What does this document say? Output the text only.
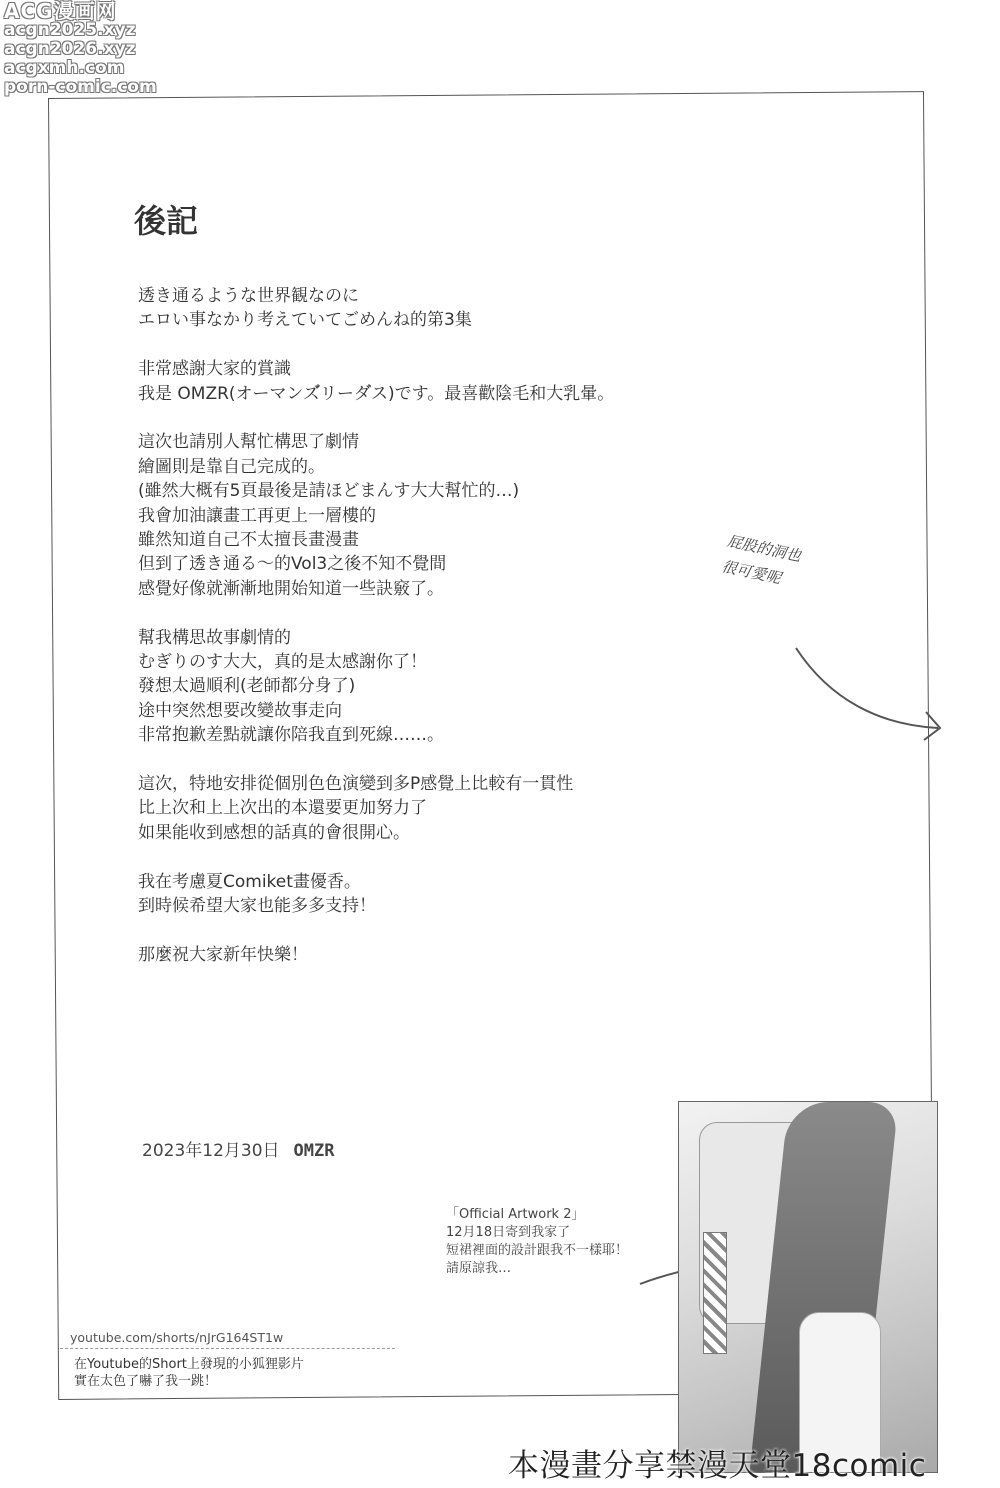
ACG漫画网
acgn2025.xyz
acgn2026.xyz
acgxmh.com
porn-comic.com
後記

透き通るような世界観なのに

エロい事なかり考えていてごめんね的第3集

非常感謝大家的賞識

我是 OMZR(オーマンズ゙リーダ゙ス)です。最喜歡陰毛和大乳暈。

這次也請別人幫忙構思了劇情

繪圖則是靠自己完成的。

(雖然大概有5頁最後是請ほどまんす大大幫忙的…)

我會加油讓畫工再更上一層樓的

雖然知道自己不太擅長畫漫畫

但到了透き通る～的Vol3之後不知不覺間

感覺好像就漸漸地開始知道一些訣竅了。

幫我構思故事劇情的

むぎりのす大大，真的是太感謝你了！

發想太過順利(老師都分身了)

途中突然想要改變故事走向

非常抱歉差點就讓你陪我直到死線……。

這次，特地安排從個別色色演變到多P感覺上比較有一貫性

比上次和上上次出的本還要更加努力了

如果能收到感想的話真的會很開心。

我在考慮夏Comiket畫優香。

到時候希望大家也能多多支持！

那麼祝大家新年快樂！

2023年12月30日 OMZR
屁股的洞也
很可愛呢

「Official Artwork 2」

12月18日寄到我家了

短裙裡面的設計跟我不一樣耶！

請原諒我…

youtube.com/shorts/nJrG164ST1w

在Youtube的Short上發現的小狐狸影片

實在太色了嚇了我一跳！

本漫畫分享禁漫天堂18comic
